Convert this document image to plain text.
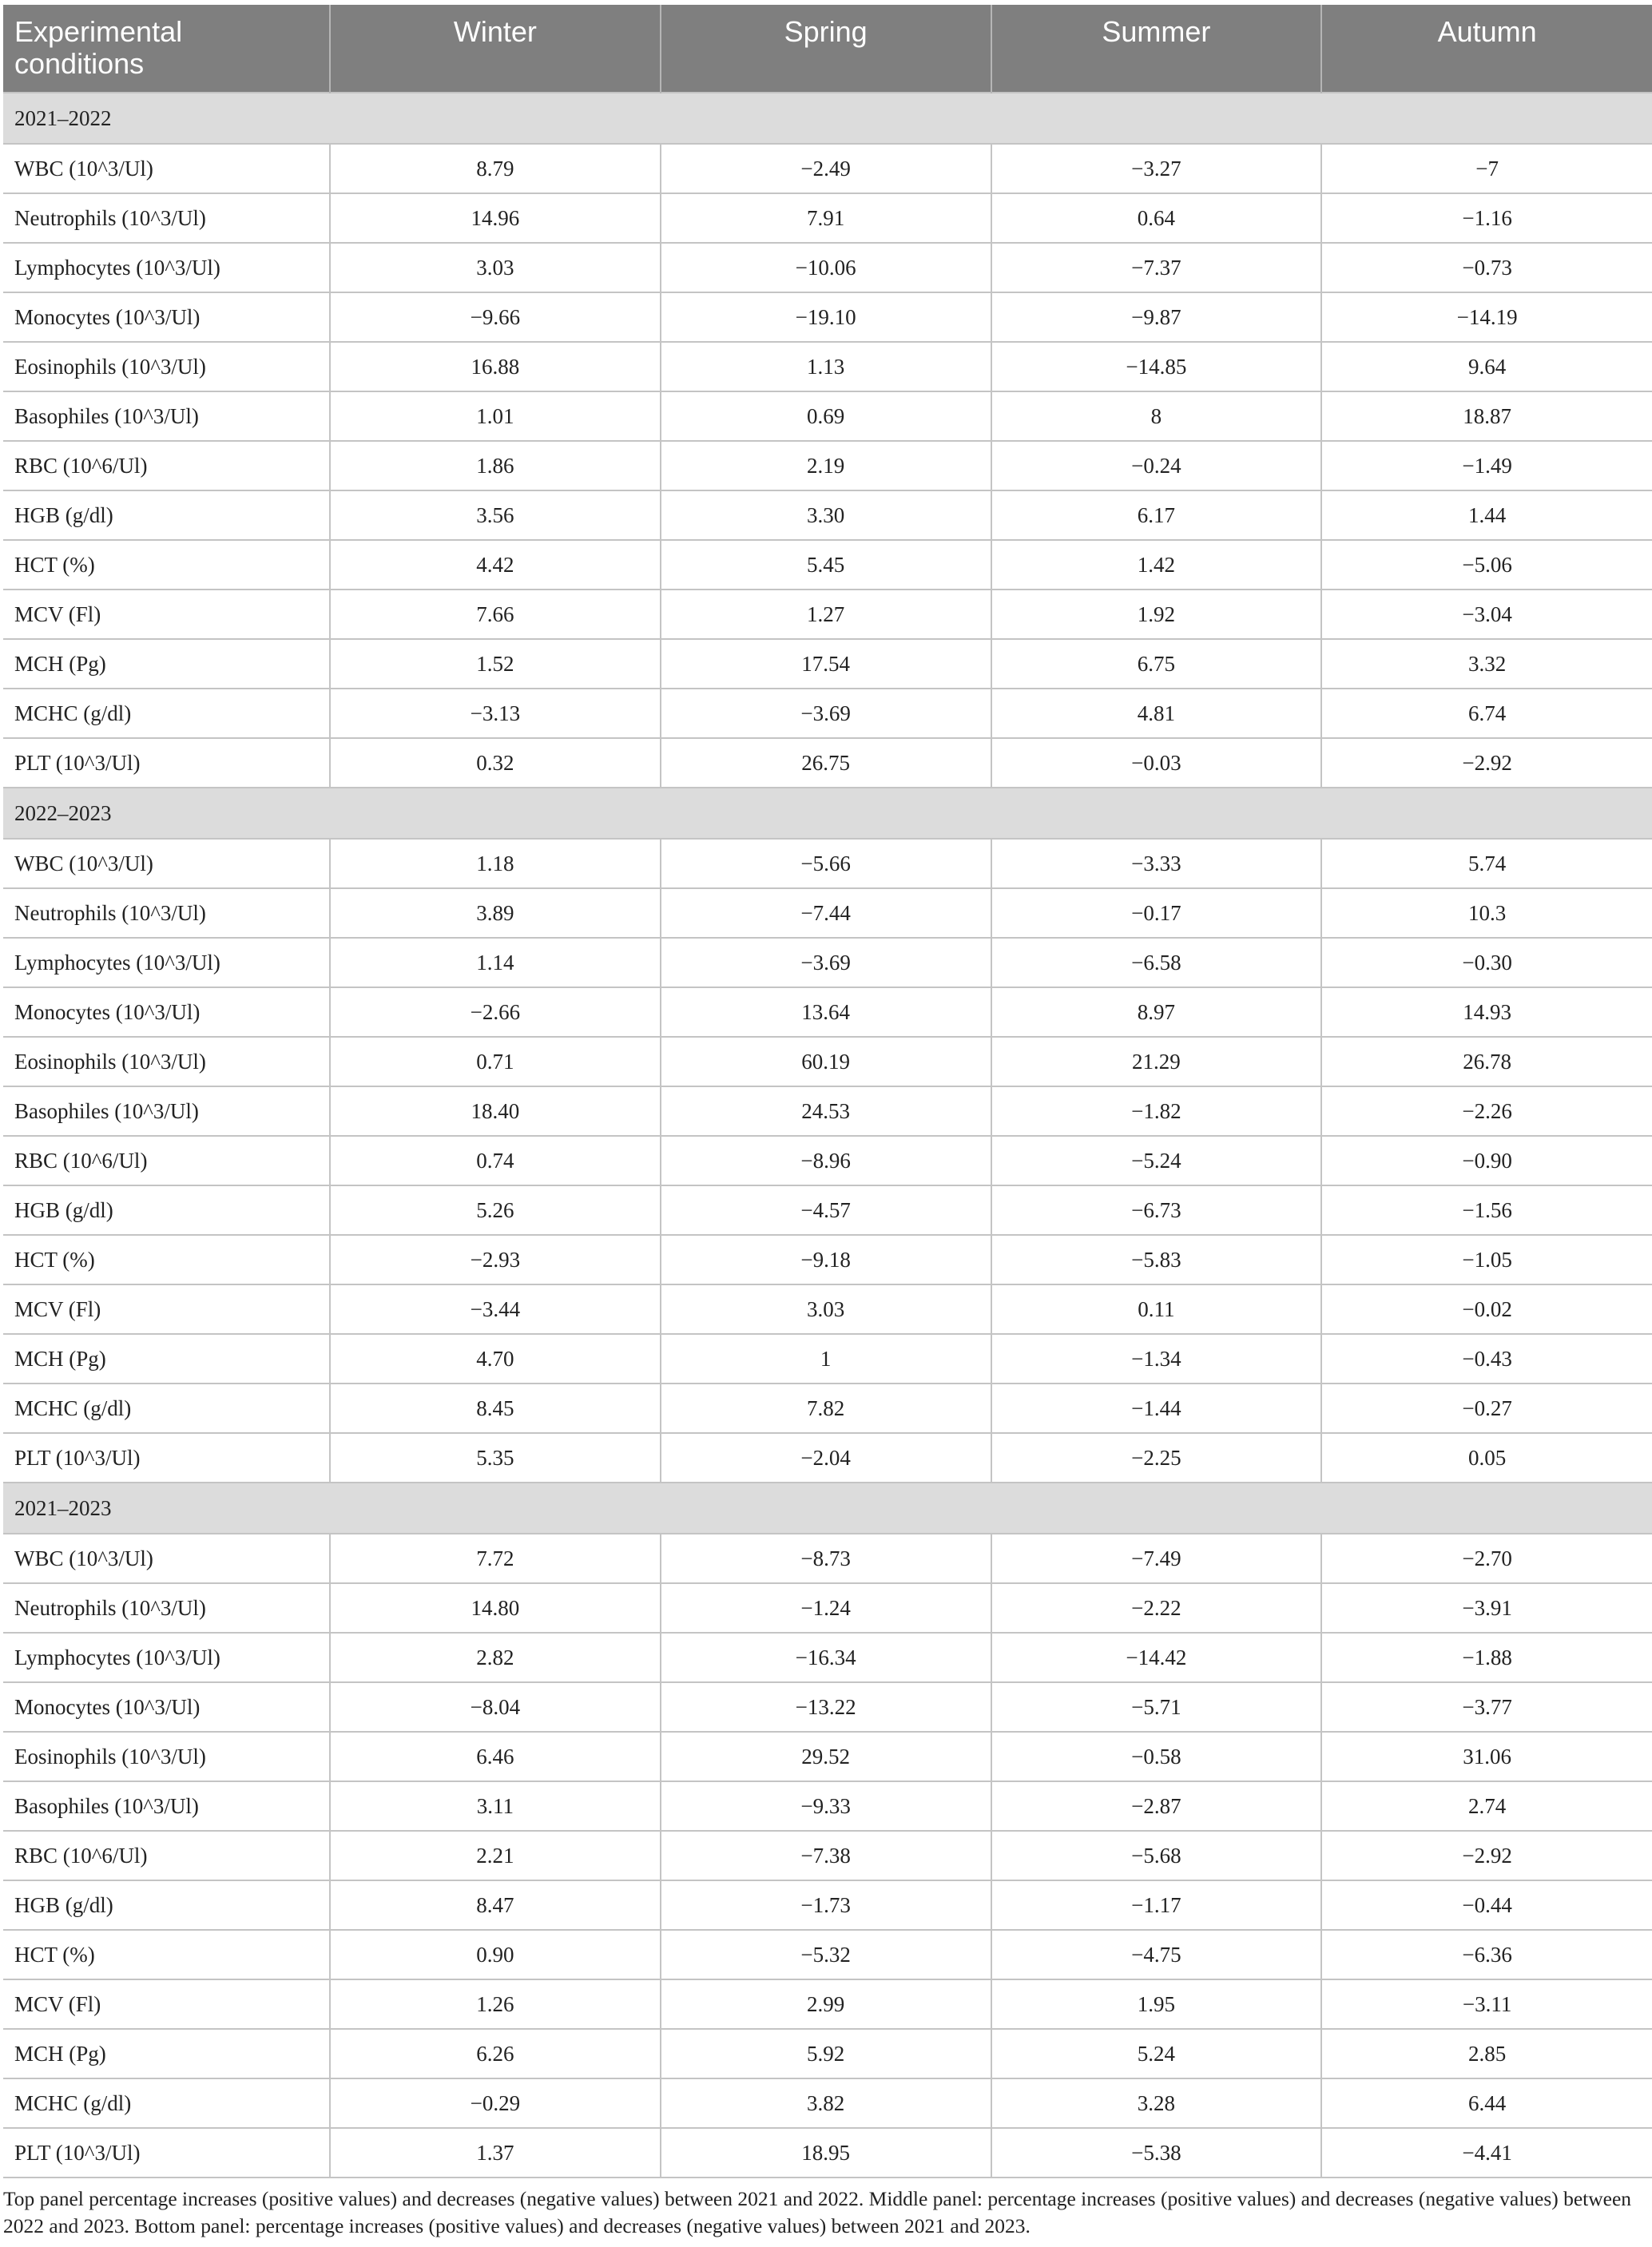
Experimental conditions	Winter	Spring	Summer	Autumn
2021–2022				
WBC (10^3/Ul)	8.79	−2.49	−3.27	−7
Neutrophils (10^3/Ul)	14.96	7.91	0.64	−1.16
Lymphocytes (10^3/Ul)	3.03	−10.06	−7.37	−0.73
Monocytes (10^3/Ul)	−9.66	−19.10	−9.87	−14.19
Eosinophils (10^3/Ul)	16.88	1.13	−14.85	9.64
Basophiles (10^3/Ul)	1.01	0.69	8	18.87
RBC (10^6/Ul)	1.86	2.19	−0.24	−1.49
HGB (g/dl)	3.56	3.30	6.17	1.44
HCT (%)	4.42	5.45	1.42	−5.06
MCV (Fl)	7.66	1.27	1.92	−3.04
MCH (Pg)	1.52	17.54	6.75	3.32
MCHC (g/dl)	−3.13	−3.69	4.81	6.74
PLT (10^3/Ul)	0.32	26.75	−0.03	−2.92
2022–2023				
WBC (10^3/Ul)	1.18	−5.66	−3.33	5.74
Neutrophils (10^3/Ul)	3.89	−7.44	−0.17	10.3
Lymphocytes (10^3/Ul)	1.14	−3.69	−6.58	−0.30
Monocytes (10^3/Ul)	−2.66	13.64	8.97	14.93
Eosinophils (10^3/Ul)	0.71	60.19	21.29	26.78
Basophiles (10^3/Ul)	18.40	24.53	−1.82	−2.26
RBC (10^6/Ul)	0.74	−8.96	−5.24	−0.90
HGB (g/dl)	5.26	−4.57	−6.73	−1.56
HCT (%)	−2.93	−9.18	−5.83	−1.05
MCV (Fl)	−3.44	3.03	0.11	−0.02
MCH (Pg)	4.70	1	−1.34	−0.43
MCHC (g/dl)	8.45	7.82	−1.44	−0.27
PLT (10^3/Ul)	5.35	−2.04	−2.25	0.05
2021–2023				
WBC (10^3/Ul)	7.72	−8.73	−7.49	−2.70
Neutrophils (10^3/Ul)	14.80	−1.24	−2.22	−3.91
Lymphocytes (10^3/Ul)	2.82	−16.34	−14.42	−1.88
Monocytes (10^3/Ul)	−8.04	−13.22	−5.71	−3.77
Eosinophils (10^3/Ul)	6.46	29.52	−0.58	31.06
Basophiles (10^3/Ul)	3.11	−9.33	−2.87	2.74
RBC (10^6/Ul)	2.21	−7.38	−5.68	−2.92
HGB (g/dl)	8.47	−1.73	−1.17	−0.44
HCT (%)	0.90	−5.32	−4.75	−6.36
MCV (Fl)	1.26	2.99	1.95	−3.11
MCH (Pg)	6.26	5.92	5.24	2.85
MCHC (g/dl)	−0.29	3.82	3.28	6.44
PLT (10^3/Ul)	1.37	18.95	−5.38	−4.41
Top panel percentage increases (positive values) and decreases (negative values) between 2021 and 2022. Middle panel: percentage increases (positive values) and decreases (negative values) between 2022 and 2023. Bottom panel: percentage increases (positive values) and decreases (negative values) between 2021 and 2023.
